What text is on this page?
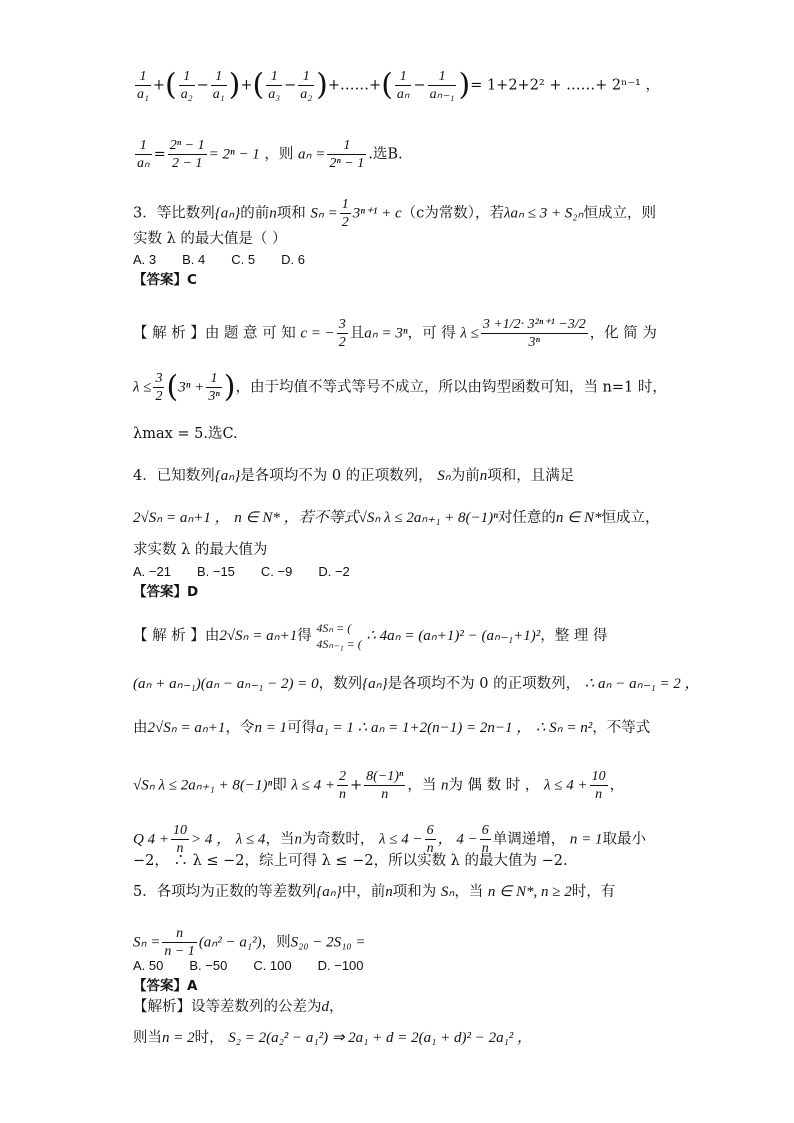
$\frac{1}{\text{a₁}}$ +( $\frac{1}{\text{a₂}} - \frac{1}{\text{a₁}}$ )+( $\frac{1}{\text{a₃}} - \frac{1}{\text{a₂}}$ )+……+( $\frac{1}{\text{aₙ}} - \frac{1}{\text{aₙ₋₁}}$ )= 1+2+2² + ……+ 2ⁿ⁻¹ ，
$\frac{1}{\text{aₙ}} = \frac{\text{2ⁿ − 1}}{2 - 1} = 2^n - 1$ ，则 $a_n = \frac{1}{\text{2ⁿ − 1}}$ .选B.
3．等比数列{aₙ}的前n项和 $S_n = \frac{1}{2} 3^{n+1} + c(c$为常数），若λaₙ ≤ 3 + S₂ₙ恒成立，则
实数 λ 的最大值是（ ）
A. 3 B. 4 C. 5 D. 6
【答案】C
【 解 析 】由 题 意 可 知 c = − $\frac{3}{2}$ 且aₙ = 3ⁿ，可 得 $\lambda \le \frac{\text{3 +1/2· 3²ⁿ⁺¹ −3/2}}{\text{3ⁿ}}$ ，化 简 为
$\lambda \le \frac{3}{2} (3^n + \frac{1}{\text{3ⁿ}}$ )，由于均值不等式等号不成立，所以由钩型函数可知，当 n=1 时，
λmax = 5.选C.
4．已知数列{aₙ}是各项均不为 0 的正项数列， Sₙ为前n项和，且满足
2√Sₙ = aₙ+1 ， n ∈ N* ，若不等式√Sₙ λ ≤ 2aₙ₊₁ + 8(−1)ⁿ对任意的n ∈ N*恒成立，
求实数 λ 的最大值为
A. −21 B. −15 C. −9 D. −2
【答案】D
【 解 析 】由2√Sₙ = aₙ+1得 4Sₙ = (
4Sₙ₋₁ = ( ∴ 4aₙ = (aₙ+1)² − (aₙ₋₁+1)²，整 理 得
(aₙ + aₙ₋₁)(aₙ − aₙ₋₁ − 2) = 0，数列{aₙ}是各项均不为 0 的正项数列， ∴ aₙ − aₙ₋₁ = 2 ，
由2√Sₙ = aₙ+1，令n = 1可得a₁ = 1 ∴ aₙ = 1+2(n−1) = 2n−1 ， ∴ Sₙ = n²，不等式
√Sₙ λ ≤ 2aₙ₊₁ + 8(−1)ⁿ即 $\lambda \le 4 + \frac{2}{n} + \frac{\text{8(−1)ⁿ}}{n}$ ，当 n为 偶 数 时 ， $\lambda \le 4 + \frac{10}{n}$ ，
Q $4 + \frac{10}{n} > 4$ ， λ ≤ 4，当n为奇数时， $\lambda \le 4 - \frac{6}{n}$ ， $4 - \frac{6}{n}$ 单调递增， n = 1取最小
−2， ∴ λ ≤ −2，综上可得 λ ≤ −2，所以实数 λ 的最大值为 −2.
5．各项均为正数的等差数列{aₙ}中，前n项和为 Sₙ，当 n ∈ N*, n ≥ 2时，有
$S_n = \frac{n}{n - 1} (a_n^2 - a_1^2)$，则S₂₀ − 2S₁₀ =
A. 50 B. −50 C. 100 D. −100
【答案】A
【解析】设等差数列的公差为d，
则当n = 2时， S₂ = 2(a₂² − a₁²) ⇒ 2a₁ + d = 2(a₁ + d)² − 2a₁² ，
